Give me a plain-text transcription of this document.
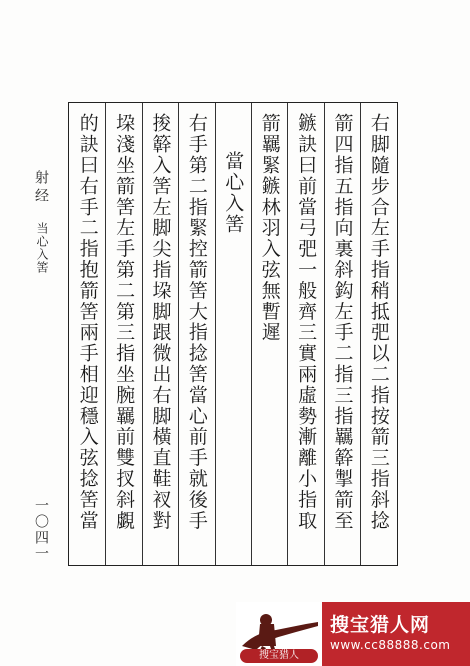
射经
当心入筈
一〇四一	右脚隨步合左手指稍抵弝以二指按箭三指斜捻
箭四指五指向裏斜鈎左手二指三指羈簳掣箭至
鏃訣曰前當弓弝一般齊三實兩虛勢漸離小指取
箭羈緊鏃林羽入弦無暫遲
當心入筈
右手第二指緊控箭筈大指捻筈當心前手就後手
捘簳入筈左脚尖指垜脚跟微出右脚橫直鞋衩對
垜淺坐箭筈左手第二第三指坐腕羈前雙扠斜覷
的訣曰右手二指抱箭筈兩手相迎穩入弦捻筈當
搜宝猎人
搜宝猎人网
www.cc88888.com
